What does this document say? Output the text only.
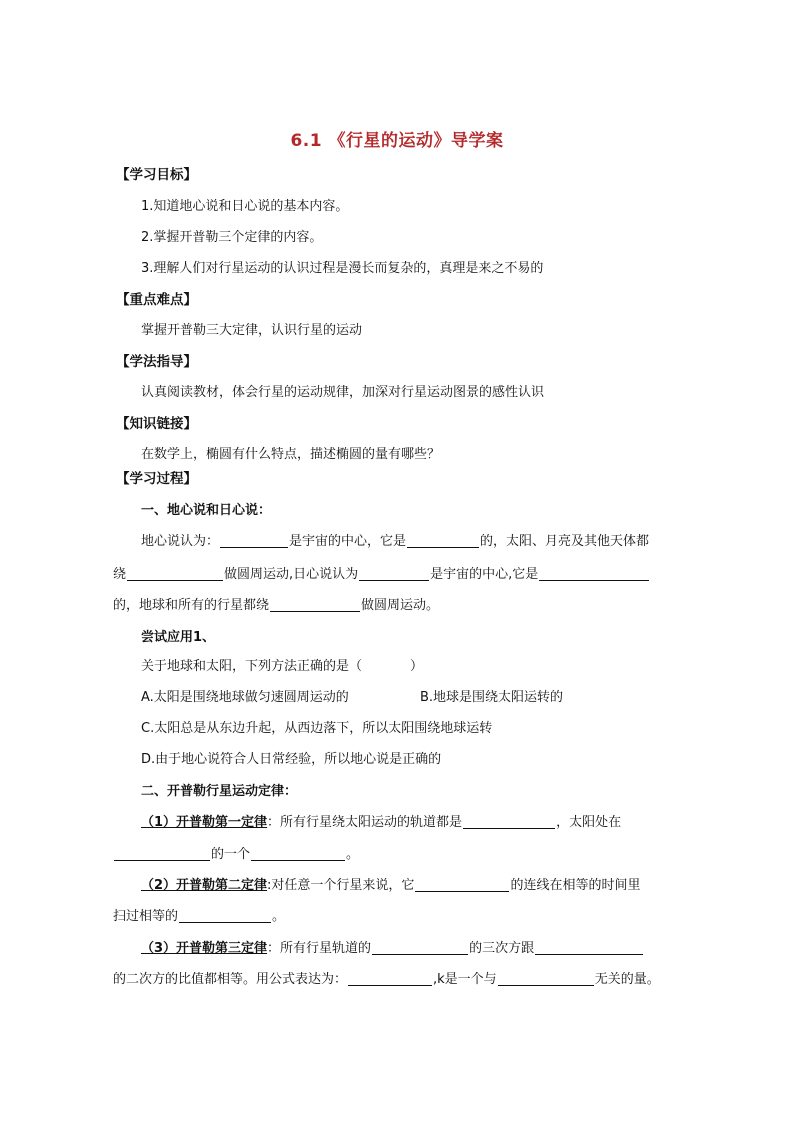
6.1 《行星的运动》导学案
【学习目标】
1.知道地心说和日心说的基本内容。
2.掌握开普勒三个定律的内容。
3.理解人们对行星运动的认识过程是漫长而复杂的，真理是来之不易的
【重点难点】
掌握开普勒三大定律，认识行星的运动
【学法指导】
认真阅读教材，体会行星的运动规律，加深对行星运动图景的感性认识
【知识链接】
在数学上，椭圆有什么特点，描述椭圆的量有哪些？
【学习过程】
一、地心说和日心说：
地心说认为：	是宇宙的中心，它是	的，太阳、月亮及其他天体都
绕	做圆周运动,日心说认为	是宇宙的中心,它是
的，地球和所有的行星都绕	做圆周运动。
尝试应用1、
关于地球和太阳，下列方法正确的是（	）
A.太阳是围绕地球做匀速圆周运动的	B.地球是围绕太阳运转的
C.太阳总是从东边升起，从西边落下，所以太阳围绕地球运转
D.由于地心说符合人日常经验，所以地心说是正确的
二、开普勒行星运动定律：
（1）开普勒第一定律：所有行星绕太阳运动的轨道都是	，太阳处在
的一个	。
（2）开普勒第二定律:对任意一个行星来说，它	的连线在相等的时间里
扫过相等的	。
（3）开普勒第三定律：所有行星轨道的	的三次方跟
的二次方的比值都相等。用公式表达为：	,k是一个与	无关的量。
